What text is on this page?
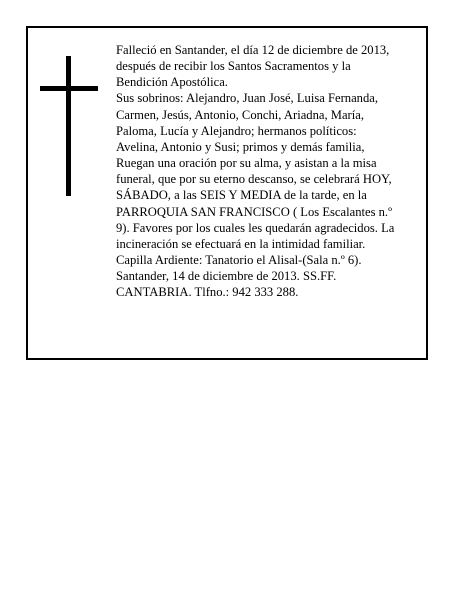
Falleció en Santander, el día 12 de diciembre de 2013,
después de recibir los Santos Sacramentos y la
Bendición Apostólica.
Sus sobrinos: Alejandro, Juan José, Luisa Fernanda,
Carmen, Jesús, Antonio, Conchi, Ariadna, María,
Paloma, Lucía y Alejandro; hermanos políticos:
Avelina, Antonio y Susi; primos y demás familia,
Ruegan una oración por su alma, y asistan a la misa
funeral, que por su eterno descanso, se celebrará HOY,
SÁBADO, a las SEIS Y MEDIA de la tarde, en la
PARROQUIA SAN FRANCISCO ( Los Escalantes n.º
9). Favores por los cuales les quedarán agradecidos. La
incineración se efectuará en la intimidad familiar.
Capilla Ardiente: Tanatorio el Alisal-(Sala n.º 6).
Santander, 14 de diciembre de 2013. SS.FF.
CANTABRIA. Tlfno.: 942 333 288.
